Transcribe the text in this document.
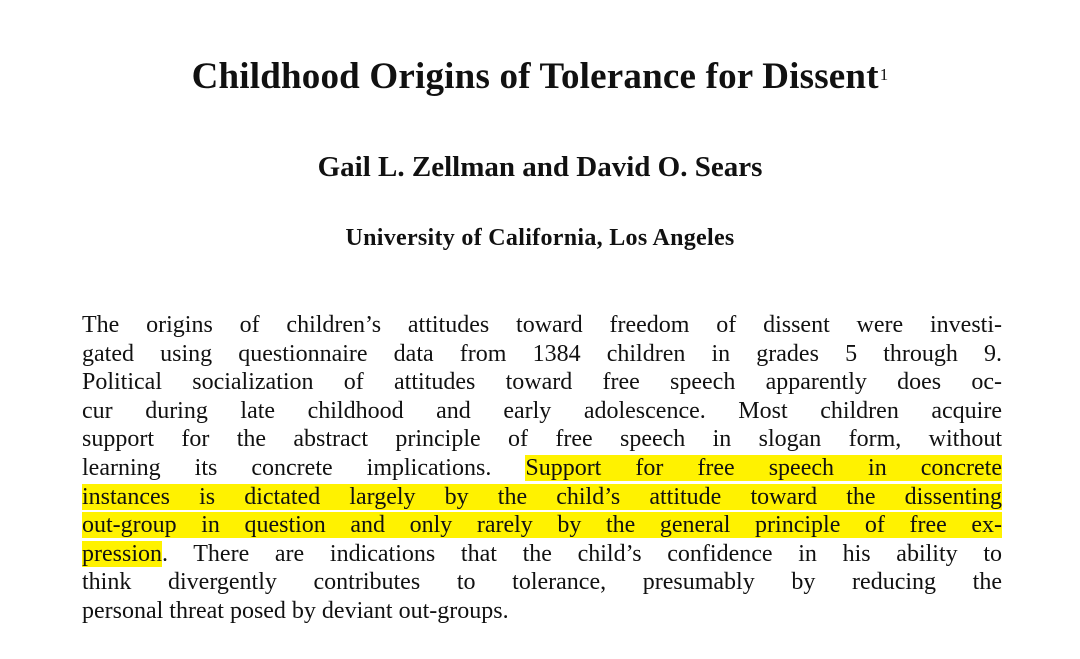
Childhood Origins of Tolerance for Dissent$^1$
Gail L. Zellman and David O. Sears
University of California, Los Angeles
The origins of children’s attitudes toward freedom of dissent were investi-
gated using questionnaire data from 1384 children in grades 5 through 9.
Political socialization of attitudes toward free speech apparently does oc-
cur during late childhood and early adolescence. Most children acquire
support for the abstract principle of free speech in slogan form, without
learning its concrete implications. Support for free speech in concrete
instances is dictated largely by the child’s attitude toward the dissenting
out-group in question and only rarely by the general principle of free ex-
pression. There are indications that the child’s confidence in his ability to
think divergently contributes to tolerance, presumably by reducing the
personal threat posed by deviant out-groups.
